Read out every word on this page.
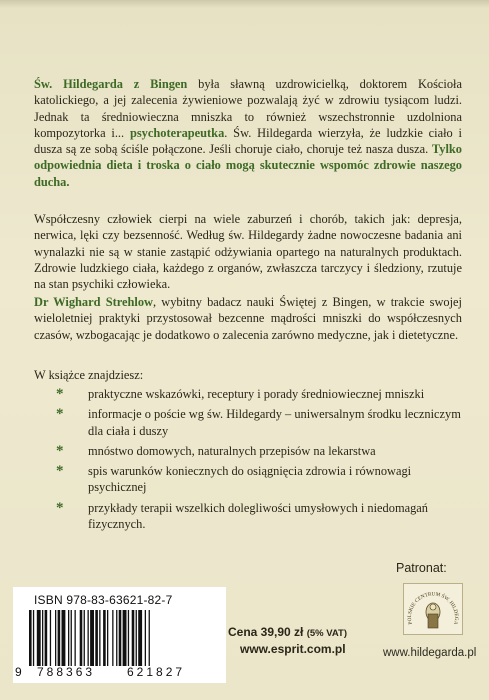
Św. Hildegarda z Bingen była sławną uzdrowicielką, doktorem Kościoła katolickiego, a jej zalecenia żywieniowe pozwalają żyć w zdrowiu tysiącom ludzi. Jednak ta średniowieczna mniszka to również wszechstronnie uzdolniona kompozytorka i... psychoterapeutka. Św. Hildegarda wierzyła, że ludzkie ciało i dusza są ze sobą ściśle połączone. Jeśli choruje ciało, choruje też nasza dusza. Tylko odpowiednia dieta i troska o ciało mogą skutecznie wspomóc zdrowie naszego ducha.

Współczesny człowiek cierpi na wiele zaburzeń i chorób, takich jak: depresja, nerwica, lęki czy bezsenność. Według św. Hildegardy żadne nowoczesne badania ani wynalazki nie są w stanie zastąpić odżywiania opartego na naturalnych produktach. Zdrowie ludzkiego ciała, każdego z organów, zwłaszcza tarczycy i śledziony, rzutuje na stan psychiki człowieka.

Dr Wighard Strehlow, wybitny badacz nauki Świętej z Bingen, w trakcie swojej wieloletniej praktyki przystosował bezcenne mądrości mniszki do współczesnych czasów, wzbogacając je dodatkowo o zalecenia zarówno medyczne, jak i dietetyczne.

W książce znajdziesz:
* praktyczne wskazówki, receptury i porady średniowiecznej mniszki
* informacje o poście wg św. Hildegardy – uniwersalnym środku leczniczym dla ciała i duszy
* mnóstwo domowych, naturalnych przepisów na lekarstwa
* spis warunków koniecznych do osiągnięcia zdrowia i równowagi psychicznej
* przykłady terapii wszelkich dolegliwości umysłowych i niedomagań fizycznych.
Patronat:
POLSKIE CENTRUM ŚW. HILDEGA
www.hildegarda.pl
Cena 39,90 zł (5% VAT)
www.esprit.com.pl
ISBN 978-83-63621-82-7
9 788363	621827
